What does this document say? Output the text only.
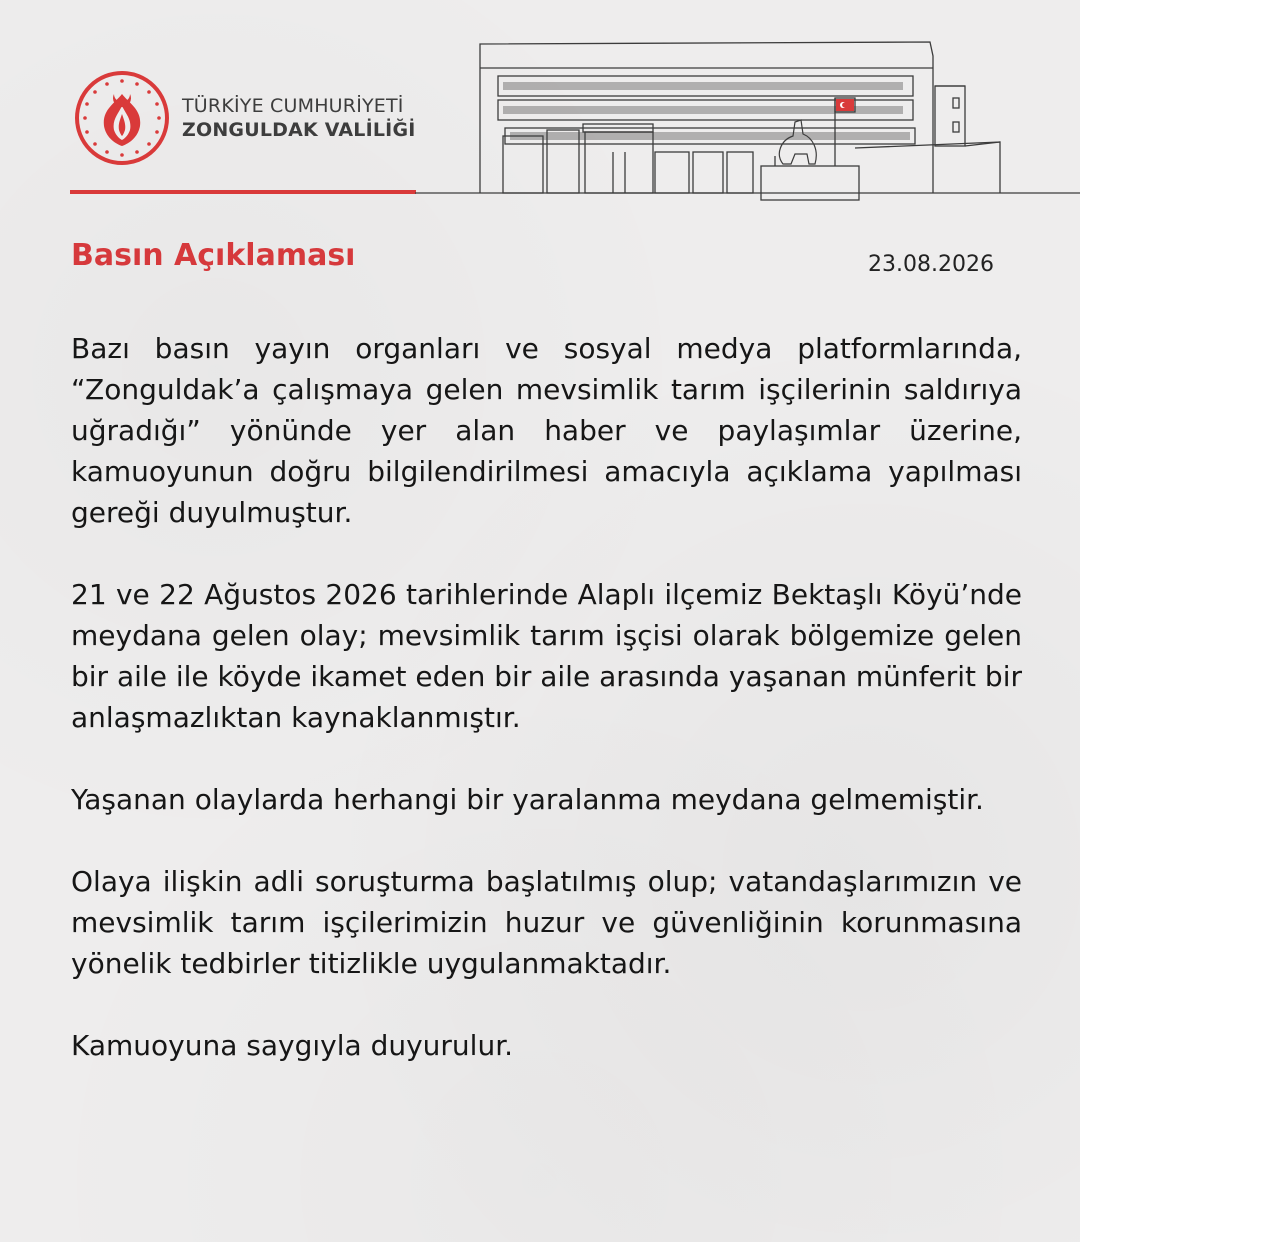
TÜRKİYE CUMHURİYETİ
ZONGULDAK VALİLİĞİ
Basın Açıklaması	23.08.2026

Bazı basın yayın organları ve sosyal medya platformlarında, “Zonguldak’a çalışmaya gelen mevsimlik tarım işçilerinin saldırıya uğradığı” yönünde yer alan haber ve paylaşımlar üzerine, kamuoyunun doğru bilgilendirilmesi amacıyla açıklama yapılması gereği duyulmuştur.

21 ve 22 Ağustos 2026 tarihlerinde Alaplı ilçemiz Bektaşlı Köyü’nde meydana gelen olay; mevsimlik tarım işçisi olarak bölgemize gelen bir aile ile köyde ikamet eden bir aile arasında yaşanan münferit bir anlaşmazlıktan kaynaklanmıştır.

Yaşanan olaylarda herhangi bir yaralanma meydana gelmemiştir.

Olaya ilişkin adli soruşturma başlatılmış olup; vatandaşlarımızın ve mevsimlik tarım işçilerimizin huzur ve güvenliğinin korunmasına yönelik tedbirler titizlikle uygulanmaktadır.

Kamuoyuna saygıyla duyurulur.
